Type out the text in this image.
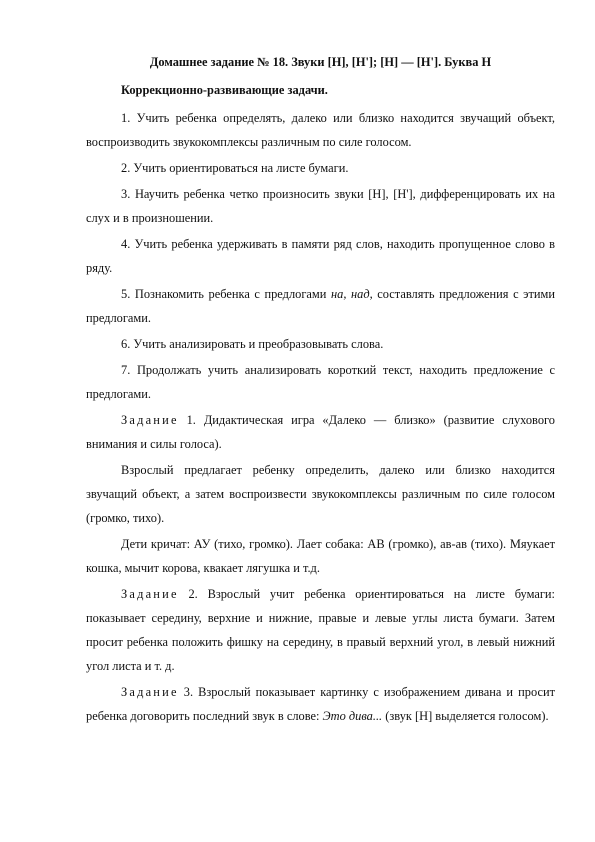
Домашнее задание № 18. Звуки [Н], [Н']; [Н] — [Н']. Буква Н

Коррекционно-развивающие задачи.

1. Учить ребенка определять, далеко или близко находится звучащий объект, воспроизводить звукокомплексы различным по силе голосом.

2. Учить ориентироваться на листе бумаги.

3. Научить ребенка четко произносить звуки [Н], [Н'], дифференцировать их на слух и в произношении.

4. Учить ребенка удерживать в памяти ряд слов, находить пропущенное слово в ряду.

5. Познакомить ребенка с предлогами на, над, составлять предложения с этими предлогами.

6. Учить анализировать и преобразовывать слова.

7. Продолжать учить анализировать короткий текст, находить предложение с предлогами.

Задание 1. Дидактическая игра «Далеко — близко» (развитие слухового внимания и силы голоса).

Взрослый предлагает ребенку определить, далеко или близко находится звучащий объект, а затем воспроизвести звукокомплексы различным по силе голосом (громко, тихо).

Дети кричат: АУ (тихо, громко). Лает собака: АВ (громко), ав-ав (тихо). Мяукает кошка, мычит корова, квакает лягушка и т.д.

Задание 2. Взрослый учит ребенка ориентироваться на листе бумаги: показывает середину, верхние и нижние, правые и левые углы листа бумаги. Затем просит ребенка положить фишку на середину, в правый верхний угол, в левый нижний угол листа и т. д.

Задание 3. Взрослый показывает картинку с изображением дивана и просит ребенка договорить последний звук в слове: Это дива... (звук [Н] выделяется голосом).
